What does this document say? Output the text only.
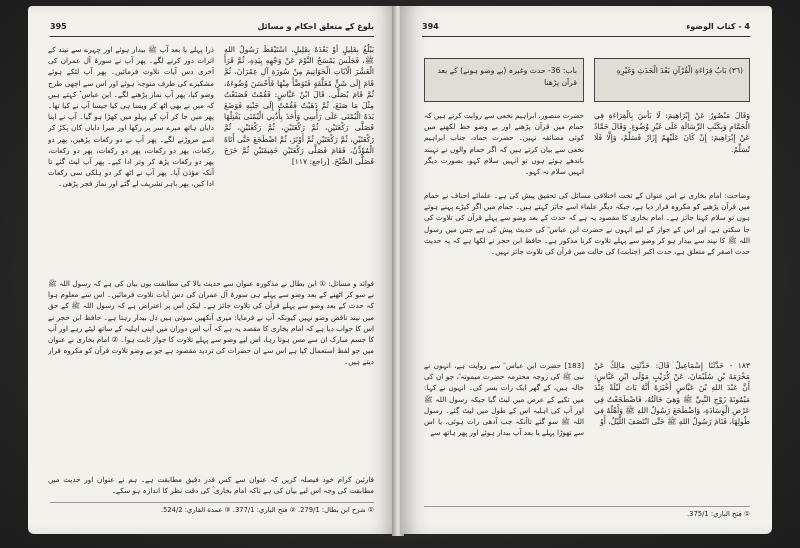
395	بلوغ کے متعلق احکام و مسائل
يَبْلُغُ بِقَلِيلٍ أَوْ بَعْدَهُ بِقَلِيلٍ، اسْتَيْقَظَ رَسُولُ اللهِ ﷺ، فَجَلَسَ يَمْسَحُ النَّوْمَ عَنْ وَجْهِهِ بِيَدِهِ، ثُمَّ قَرَأَ الْعَشْرَ الْآيَاتِ الْخَوَاتِيمَ مِنْ سُورَةِ آلِ عِمْرَانَ، ثُمَّ قَامَ إِلَى شَنٍّ مُعَلَّقَةٍ فَتَوَضَّأَ مِنْهَا فَأَحْسَنَ وُضُوءَهُ، ثُمَّ قَامَ يُصَلِّي. قَالَ ابْنُ عَبَّاسٍ: فَقُمْتُ فَصَنَعْتُ مِثْلَ مَا صَنَعَ، ثُمَّ ذَهَبْتُ فَقُمْتُ إِلَى جَنْبِهِ فَوَضَعَ يَدَهُ الْيُمْنَى عَلَى رَأْسِي وَأَخَذَ بِأُذُنِي الْيُمْنَى يَفْتِلُهَا فَصَلَّى رَكْعَتَيْنِ، ثُمَّ رَكْعَتَيْنِ، ثُمَّ رَكْعَتَيْنِ، ثُمَّ رَكْعَتَيْنِ، ثُمَّ رَكْعَتَيْنِ ثُمَّ أَوْتَرَ، ثُمَّ اضْطَجَعَ حَتَّى أَتَاهُ الْمُؤَذِّنُ، فَقَامَ فَصَلَّى رَكْعَتَيْنِ خَفِيفَتَيْنِ ثُمَّ خَرَجَ فَصَلَّى الصُّبْحَ. [راجع: ١١٧]
ذرا پہلے یا بعد آپ ﷺ بیدار ہوئے اور چہرے سے نیند کے اثرات دور کرنے لگے۔ پھر آپ نے سورۂ آل عمران کی آخری دس آیات تلاوت فرمائیں۔ پھر آپ لٹکے ہوئے مشکیزے کی طرف متوجہ ہوئے اور اس سے اچھی طرح وضو کیا، پھر آپ نماز پڑھنے لگے۔ ابن عباس ؓ کہتے ہیں کہ میں نے بھی اٹھ کر ویسا ہی کیا جیسا آپ نے کیا تھا۔ پھر میں جا کر آپ کے پہلو میں کھڑا ہو گیا۔ آپ نے اپنا دایاں ہاتھ میرے سر پر رکھا اور میرا دایاں کان پکڑ کر اسے مروڑنے لگے۔ پھر آپ نے دو رکعات پڑھیں، پھر دو رکعات، پھر دو رکعات، پھر دو رکعات، پھر دو رکعات، پھر دو رکعات پڑھ کر وتر ادا کیے۔ پھر آپ لیٹ گئے تا آنکہ مؤذن آیا۔ پھر آپ نے اٹھ کر دو ہلکی سی رکعات ادا کیں، پھر باہر تشریف لے گئے اور نماز فجر پڑھی۔
فوائد و مسائل: ① ابن بطال نے مذکورہ عنوان سے حدیث بالا کی مطابقت یوں بیان کی ہے کہ رسول اللہ ﷺ نے سو کر اٹھنے کے بعد وضو سے پہلے ہی سورۂ آل عمران کی دس آیات تلاوت فرمائیں۔ اس سے معلوم ہوا کہ حدث کے بعد وضو سے پہلے قرآن کی تلاوت جائز ہے۔ لیکن اس پر اعتراض ہے کہ رسول اللہ ﷺ کے حق میں نیند ناقض وضو نہیں کیونکہ آپ نے فرمایا: میری آنکھیں سوتی ہیں دل بیدار رہتا ہے۔ حافظ ابن حجر نے اس کا جواب دیا ہے کہ امام بخاری کا مقصد یہ ہے کہ آپ اس دوران میں اپنی اہلیہ کے ساتھ لیٹے رہے اور آپ کا جسم مبارک ان سے مس ہوتا رہا، اس لیے وضو سے پہلے تلاوت کا جواز ثابت ہوا۔ ② امام بخاری نے عنوان میں جو لفظ استعمال کیا ہے اس سے ان حضرات کی تردید مقصود ہے جو بے وضو تلاوت قرآن کو مکروہ قرار دیتے ہیں۔
قارئین کرام خود فیصلہ کریں کہ عنوان سے کس قدر دقیق مطابقت ہے۔ ہم نے عنوان اور حدیث میں مطابقت کی وجہ اس لیے بیان کی ہے تاکہ امام بخاری ؒ کی دقت نظر کا اندازہ ہو سکے۔
① شرح ابن بطال: 279/1. ② فتح الباري: 377/1. ③ عمدة القاري: 524/2.
394	4 - كتاب الوضوء
(٣٦) بَابُ قِرَاءَةِ الْقُرْآنِ بَعْدَ الْحَدَثِ وَغَيْرِهِ
باب: 36- حدث وغیرہ (بے وضو ہونے) کے بعد قرآن پڑھنا
وَقَالَ مَنْصُورٌ عَنْ إِبْرَاهِيمَ: لَا بَأْسَ بِالْقِرَاءَةِ فِي الْحَمَّامِ وَبِكَتْبِ الرِّسَالَةِ عَلَى غَيْرِ وُضُوءٍ. وَقَالَ حَمَّادٌ عَنْ إِبْرَاهِيمَ: إِنْ كَانَ عَلَيْهِمْ إِزَارٌ فَسَلِّمْ، وَإِلَّا فَلَا تُسَلِّمْ.
حضرت منصور، ابراہیم نخعی سے روایت کرتے ہیں کہ حمام میں قرآن پڑھنے اور بے وضو خط لکھنے میں کوئی مضائقہ نہیں۔ حضرت حماد، جناب ابراہیم نخعی سے بیان کرتے ہیں کہ اگر حمام والوں نے تہبند باندھے ہوئے ہوں تو انہیں سلام کہو، بصورت دیگر انہیں سلام نہ کہو۔
وضاحت: امام بخاری نے اس عنوان کے تحت اختلافی مسائل کی تحقیق پیش کی ہے۔ علمائے احناف نے حمام میں قرآن پڑھنے کو مکروہ قرار دیا ہے، جبکہ دیگر علماء اسے جائز کہتے ہیں۔ حمام میں اگر کپڑے پہنے ہوئے ہوں تو سلام کہنا جائز ہے۔ امام بخاری کا مقصود یہ ہے کہ حدث کے بعد وضو سے پہلے قرآن کی تلاوت کی جا سکتی ہے، اور اس کے جواز کے لیے انہوں نے حضرت ابن عباس ؓ کی حدیث پیش کی ہے جس میں رسول اللہ ﷺ کا نیند سے بیدار ہو کر وضو سے پہلے تلاوت کرنا مذکور ہے۔ حافظ ابن حجر نے لکھا ہے کہ یہ حدیث حدث اصغر کے متعلق ہے، حدث اکبر (جنابت) کی حالت میں قرآن کی تلاوت جائز نہیں۔
١٨٣ - حَدَّثَنَا إِسْمَاعِيلُ قَالَ: حَدَّثَنِي مَالِكٌ عَنْ مَخْرَمَةَ بْنِ سُلَيْمَانَ، عَنْ كُرَيْبٍ مَوْلَى ابْنِ عَبَّاسٍ: أَنَّ عَبْدَ اللهِ بْنَ عَبَّاسٍ أَخْبَرَهُ أَنَّهُ بَاتَ لَيْلَةً عِنْدَ مَيْمُونَةَ زَوْجِ النَّبِيِّ ﷺ وَهِيَ خَالَتُهُ، فَاضْطَجَعْتُ فِي عَرْضِ الْوِسَادَةِ، وَاضْطَجَعَ رَسُولُ اللهِ ﷺ وَأَهْلُهُ فِي طُولِهَا، فَنَامَ رَسُولُ اللهِ ﷺ حَتَّى انْتَصَفَ اللَّيْلُ، أَوْ
[183] حضرت ابن عباس ؓ سے روایت ہے، انہوں نے نبی ﷺ کی زوجہ محترمہ حضرت میمونہ ؓ، جو ان کی خالہ ہیں، کے گھر ایک رات بسر کی۔ انہوں نے کہا: میں تکیے کے عرض میں لیٹ گیا جبکہ رسول اللہ ﷺ اور آپ کی اہلیہ اس کے طول میں لیٹ گئے۔ رسول اللہ ﷺ سو گئے تاآنکہ جب آدھی رات ہوئی، یا اس سے تھوڑا پہلے یا بعد آپ بیدار ہوئے اور پھر ہاتھ سے
① فتح الباري: 375/1.
